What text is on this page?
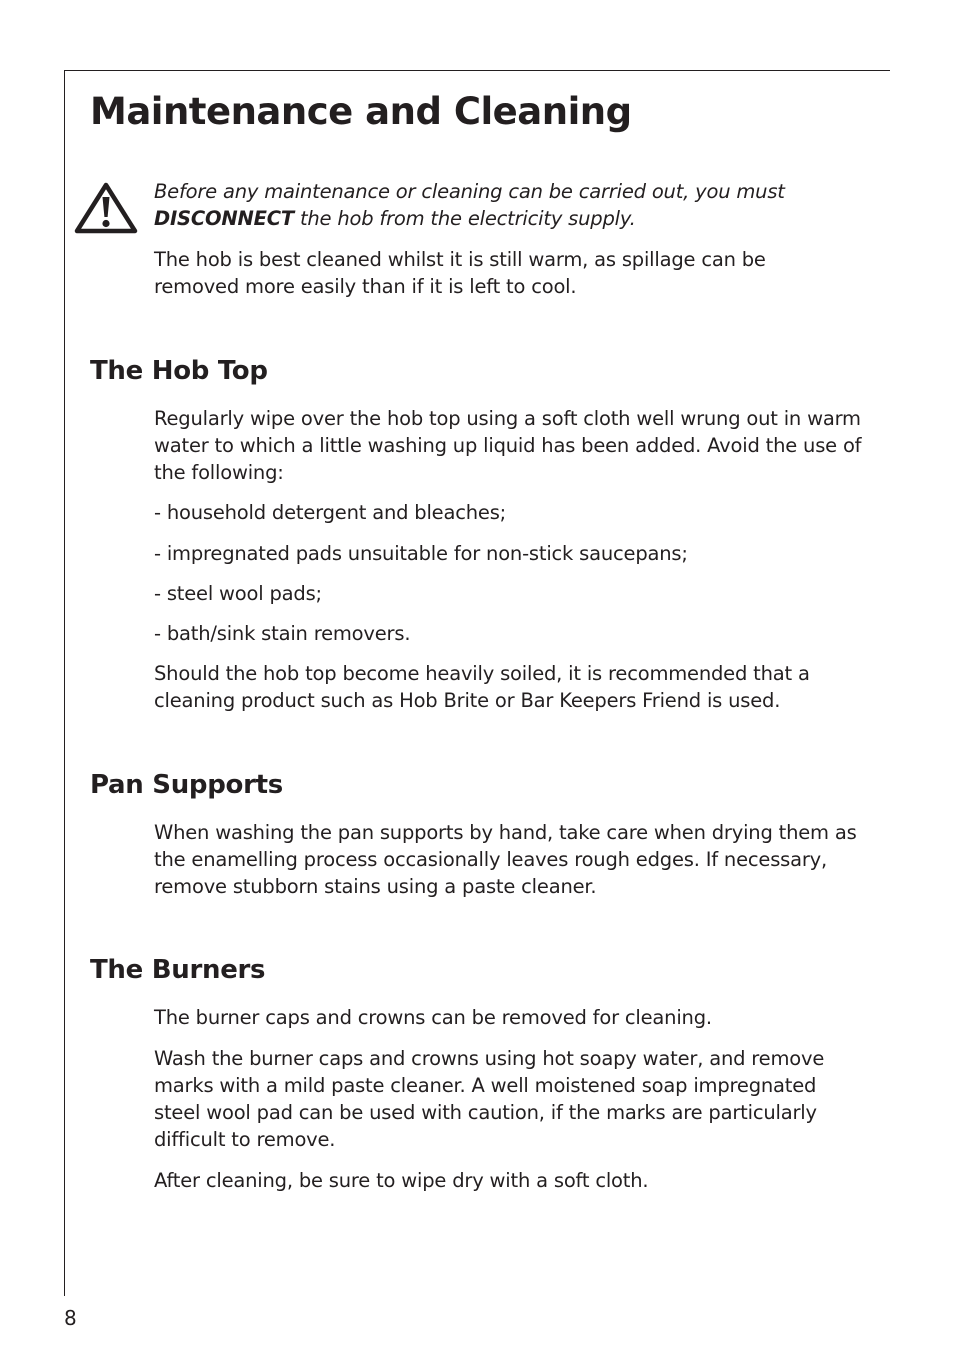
Maintenance and Cleaning

Before any maintenance or cleaning can be carried out, you must
DISCONNECT the hob from the electricity supply.

The hob is best cleaned whilst it is still warm, as spillage can be removed more easily than if it is left to cool.

The Hob Top

Regularly wipe over the hob top using a soft cloth well wrung out in warm water to which a little washing up liquid has been added. Avoid the use of the following:

- household detergent and bleaches;

- impregnated pads unsuitable for non-stick saucepans;

- steel wool pads;

- bath/sink stain removers.

Should the hob top become heavily soiled, it is recommended that a cleaning product such as Hob Brite or Bar Keepers Friend is used.

Pan Supports

When washing the pan supports by hand, take care when drying them as the enamelling process occasionally leaves rough edges. If necessary, remove stubborn stains using a paste cleaner.

The Burners

The burner caps and crowns can be removed for cleaning.

Wash the burner caps and crowns using hot soapy water, and remove marks with a mild paste cleaner. A well moistened soap impregnated steel wool pad can be used with caution, if the marks are particularly difficult to remove.

After cleaning, be sure to wipe dry with a soft cloth.

8
